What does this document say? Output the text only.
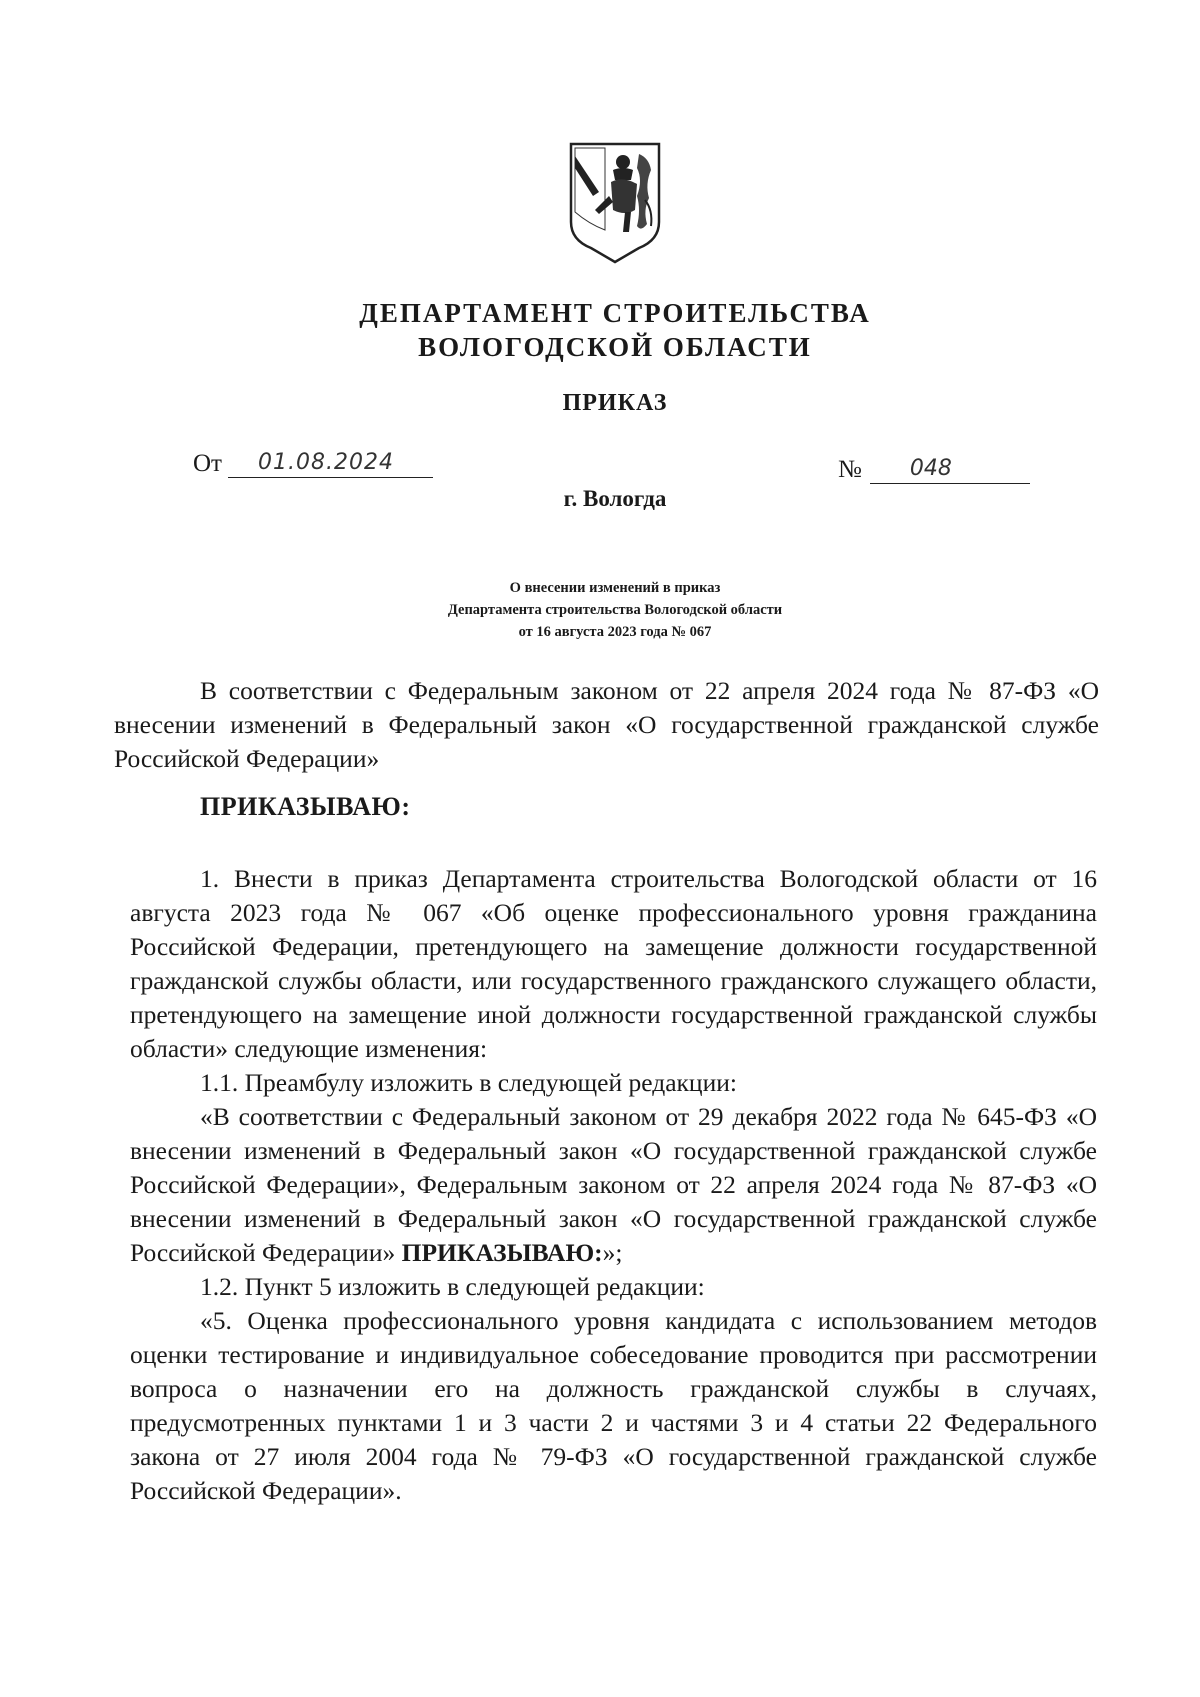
ДЕПАРТАМЕНТ СТРОИТЕЛЬСТВА
ВОЛОГОДСКОЙ ОБЛАСТИ
ПРИКАЗ
От 01.08.2024	№ 048
г. Вологда
О внесении изменений в приказ
Департамента строительства Вологодской области
от 16 августа 2023 года № 067

В соответствии с Федеральным законом от 22 апреля 2024 года № 87-ФЗ «О внесении изменений в Федеральный закон «О государственной гражданской службе Российской Федерации»

ПРИКАЗЫВАЮ:

1. Внести в приказ Департамента строительства Вологодской области от 16 августа 2023 года № 067 «Об оценке профессионального уровня гражданина Российской Федерации, претендующего на замещение должности государственной гражданской службы области, или государственного гражданского служащего области, претендующего на замещение иной должности государственной гражданской службы области» следующие изменения:

1.1. Преамбулу изложить в следующей редакции:

«В соответствии с Федеральный законом от 29 декабря 2022 года № 645-ФЗ «О внесении изменений в Федеральный закон «О государственной гражданской службе Российской Федерации», Федеральным законом от 22 апреля 2024 года № 87-ФЗ «О внесении изменений в Федеральный закон «О государственной гражданской службе Российской Федерации» ПРИКАЗЫВАЮ:»;

1.2. Пункт 5 изложить в следующей редакции:

«5. Оценка профессионального уровня кандидата с использованием методов оценки тестирование и индивидуальное собеседование проводится при рассмотрении вопроса о назначении его на должность гражданской службы в случаях, предусмотренных пунктами 1 и 3 части 2 и частями 3 и 4 статьи 22 Федерального закона от 27 июля 2004 года № 79-ФЗ «О государственной гражданской службе Российской Федерации».
